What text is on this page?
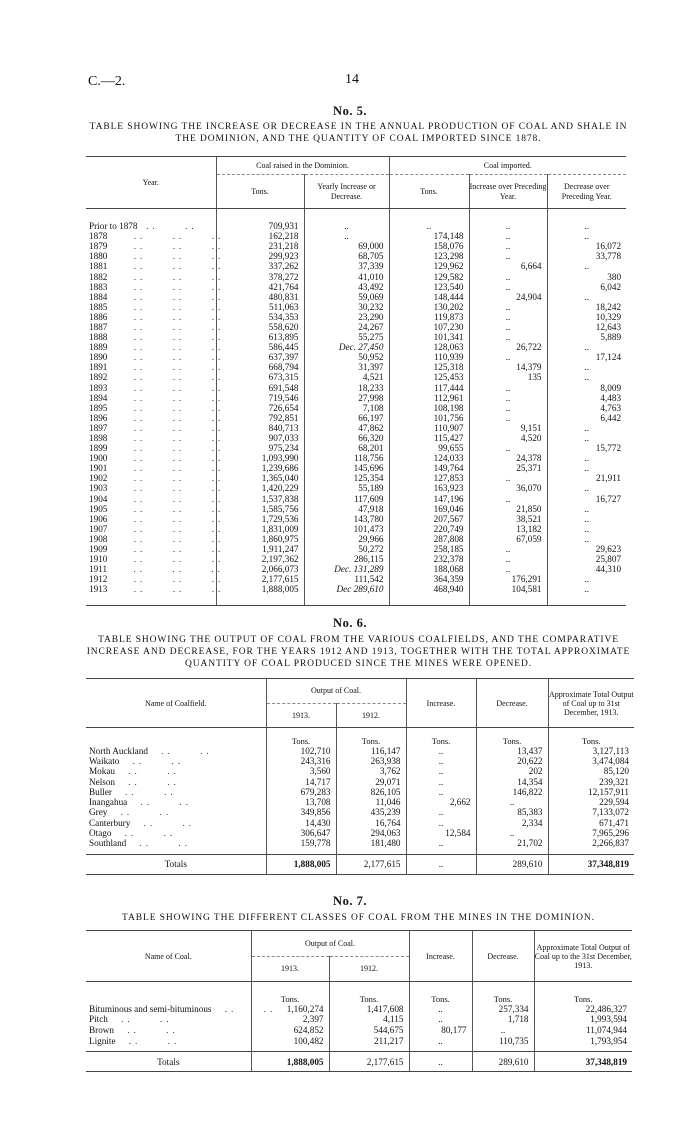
C.—2.	14
No. 5.
TABLE SHOWING THE INCREASE OR DECREASE IN THE ANNUAL PRODUCTION OF COAL AND SHALE IN THE DOMINION, AND THE QUANTITY OF COAL IMPORTED SINCE 1878.
Year.	Coal raised in the Dominion.		Coal imported.		
	Tons.	Yearly Increase or Decrease.	Tons.	Increase over Preceding Year.	Decrease over Preceding Year.

Prior to 1878 ..  ..	709,931	..	..	..	..
1878  ..  ..  ..	162,218	..	174,148	..	..
1879  ..  ..  ..	231,218	69,000	158,076	..	16,072
1880  ..  ..  ..	299,923	68,705	123,298	..	33,778
1881  ..  ..  ..	337,262	37,339	129,962	6,664	..
1882  ..  ..  ..	378,272	41,010	129,582	..	380
1883  ..  ..  ..	421,764	43,492	123,540	..	6,042
1884  ..  ..  ..	480,831	59,069	148,444	24,904	..
1885  ..  ..  ..	511,063	30,232	130,202	..	18,242
1886  ..  ..  ..	534,353	23,290	119,873	..	10,329
1887  ..  ..  ..	558,620	24,267	107,230	..	12,643
1888  ..  ..  ..	613,895	55,275	101,341	..	5,889
1889  ..  ..  ..	586,445	Dec. 27,450	128,063	26,722	..
1890  ..  ..  ..	637,397	50,952	110,939	..	17,124
1891  ..  ..  ..	668,794	31,397	125,318	14,379	..
1892  ..  ..  ..	673,315	4,521	125,453	135	..
1893  ..  ..  ..	691,548	18,233	117,444	..	8,009
1894  ..  ..  ..	719,546	27,998	112,961	..	4,483
1895  ..  ..  ..	726,654	7,108	108,198	..	4,763
1896  ..  ..  ..	792,851	66,197	101,756	..	6,442
1897  ..  ..  ..	840,713	47,862	110,907	9,151	..
1898  ..  ..  ..	907,033	66,320	115,427	4,520	..
1899  ..  ..  ..	975,234	68,201	99,655	..	15,772
1900  ..  ..  ..	1,093,990	118,756	124,033	24,378	..
1901  ..  ..  ..	1,239,686	145,696	149,764	25,371	..
1902  ..  ..  ..	1,365,040	125,354	127,853	..	21,911
1903  ..  ..  ..	1,420,229	55,189	163,923	36,070	..
1904  ..  ..  ..	1,537,838	117,609	147,196	..	16,727
1905  ..  ..  ..	1,585,756	47,918	169,046	21,850	..
1906  ..  ..  ..	1,729,536	143,780	207,567	38,521	..
1907  ..  ..  ..	1,831,009	101,473	220,749	13,182	..
1908  ..  ..  ..	1,860,975	29,966	287,808	67,059	..
1909  ..  ..  ..	1,911,247	50,272	258,185	..	29,623
1910  ..  ..  ..	2,197,362	286,115	232,378	..	25,807
1911  ..  ..  ..	2,066,073	Dec. 131,289	188,068	..	44,310
1912  ..  ..  ..	2,177,615	111,542	364,359	176,291	..
1913  ..  ..  ..	1,888,005	Dec 289,610	468,940	104,581	..

No. 6.
TABLE SHOWING THE OUTPUT OF COAL FROM THE VARIOUS COALFIELDS, AND THE COMPARATIVE INCREASE AND DECREASE, FOR THE YEARS 1912 AND 1913, TOGETHER WITH THE TOTAL APPROXIMATE QUANTITY OF COAL PRODUCED SINCE THE MINES WERE OPENED.
Name of Coalfield.	Output of Coal.		Increase.	Decrease.	Approximate Total Output of Coal up to 31st December, 1913.
	1913.	1912.			
	Tons.	Tons.	Tons.	Tons.	Tons.
North Auckland ..  ..	102,710	116,147	..	13,437	3,127,113
Waikato ..  ..	243,316	263,938	..	20,622	3,474,084
Mokau ..  ..	3,560	3,762	..	202	85,120
Nelson ..  ..	14,717	29,071	..	14,354	239,321
Buller ..  ..	679,283	826,105	..	146,822	12,157,911
Inangahua ..  ..	13,708	11,046	2,662	..	229,594
Grey ..  ..	349,856	435,239	..	85,383	7,133,072
Canterbury ..  ..	14,430	16,764	..	2,334	671,471
Otago ..  ..	306,647	294,063	12,584	..	7,965,296
Southland ..  ..	159,778	181,480	..	21,702	2,266,837

Totals	1,888,005	2,177,615	..	289,610	37,348,819
No. 7.
TABLE SHOWING THE DIFFERENT CLASSES OF COAL FROM THE MINES IN THE DOMINION.
Name of Coal.	Output of Coal.		Increase.	Decrease.	Approximate Total Output of Coal up to the 31st December, 1913.
	1913.	1912.			
	Tons.	Tons.	Tons.	Tons.	Tons.
Bituminous and semi-bituminous ..  ..	1,160,274	1,417,608	..	257,334	22,486,327
Pitch ..  ..	2,397	4,115	..	1,718	1,993,594
Brown ..  ..	624,852	544,675	80,177	..	11,074,944
Lignite ..  ..	100,482	211,217	..	110,735	1,793,954

Totals	1,888,005	2,177,615	..	289,610	37,348,819
